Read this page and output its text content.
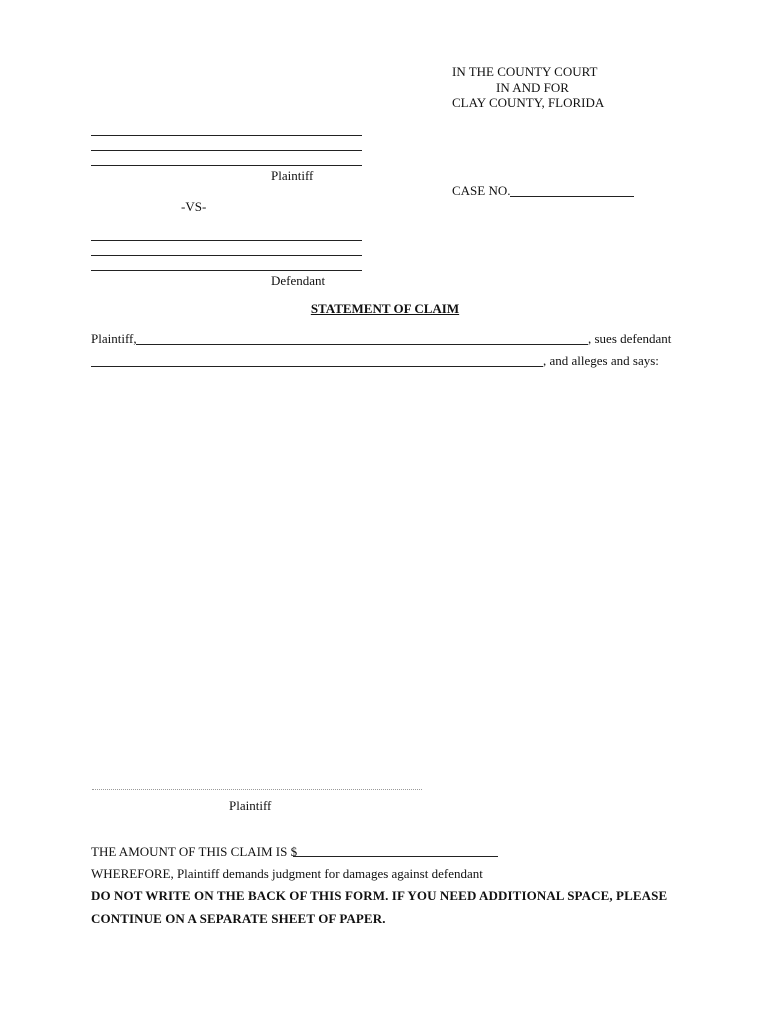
IN THE COUNTY COURT
IN AND FOR
CLAY COUNTY, FLORIDA
Plaintiff
CASE NO.
-VS-
Defendant
STATEMENT OF CLAIM
Plaintiff,	, sues defendant
, and alleges and says:
Plaintiff
THE AMOUNT OF THIS CLAIM IS $
WHEREFORE, Plaintiff demands judgment for damages against defendant
DO NOT WRITE ON THE BACK OF THIS FORM. IF YOU NEED ADDITIONAL SPACE, PLEASE
CONTINUE ON A SEPARATE SHEET OF PAPER.
